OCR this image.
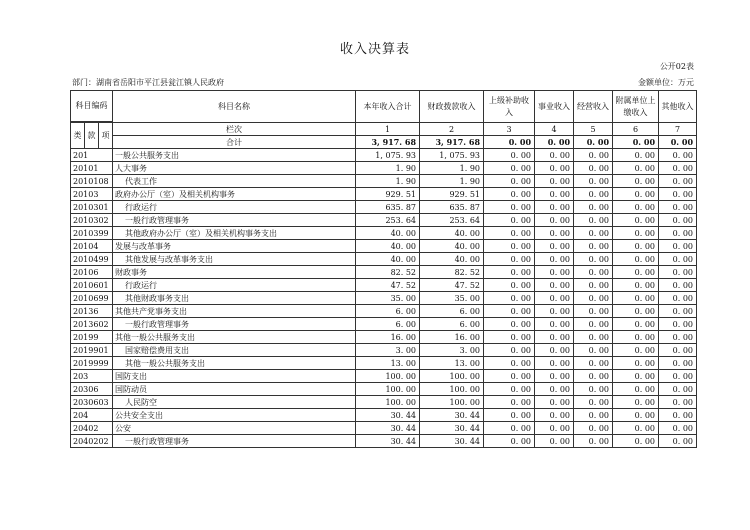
收入决算表
公开02表
部门：湖南省岳阳市平江县瓮江镇人民政府	金额单位：万元
科目编码			科目名称	本年收入合计	财政拨款收入	上级补助收入	事业收入	经营收入	附属单位上缴收入	其他收入

类	款	项	栏次	1	2	3	4	5	6	7
			合计	3, 917. 68	3, 917. 68	0. 00	0. 00	0. 00	0. 00	0. 00
201			一般公共服务支出	1, 075. 93	1, 075. 93	0. 00	0. 00	0. 00	0. 00	0. 00
20101			人大事务	1. 90	1. 90	0. 00	0. 00	0. 00	0. 00	0. 00
2010108			代表工作	1. 90	1. 90	0. 00	0. 00	0. 00	0. 00	0. 00
20103			政府办公厅（室）及相关机构事务	929. 51	929. 51	0. 00	0. 00	0. 00	0. 00	0. 00
2010301			行政运行	635. 87	635. 87	0. 00	0. 00	0. 00	0. 00	0. 00
2010302			一般行政管理事务	253. 64	253. 64	0. 00	0. 00	0. 00	0. 00	0. 00
2010399			其他政府办公厅（室）及相关机构事务支出	40. 00	40. 00	0. 00	0. 00	0. 00	0. 00	0. 00
20104			发展与改革事务	40. 00	40. 00	0. 00	0. 00	0. 00	0. 00	0. 00
2010499			其他发展与改革事务支出	40. 00	40. 00	0. 00	0. 00	0. 00	0. 00	0. 00
20106			财政事务	82. 52	82. 52	0. 00	0. 00	0. 00	0. 00	0. 00
2010601			行政运行	47. 52	47. 52	0. 00	0. 00	0. 00	0. 00	0. 00
2010699			其他财政事务支出	35. 00	35. 00	0. 00	0. 00	0. 00	0. 00	0. 00
20136			其他共产党事务支出	6. 00	6. 00	0. 00	0. 00	0. 00	0. 00	0. 00
2013602			一般行政管理事务	6. 00	6. 00	0. 00	0. 00	0. 00	0. 00	0. 00
20199			其他一般公共服务支出	16. 00	16. 00	0. 00	0. 00	0. 00	0. 00	0. 00
2019901			国家赔偿费用支出	3. 00	3. 00	0. 00	0. 00	0. 00	0. 00	0. 00
2019999			其他一般公共服务支出	13. 00	13. 00	0. 00	0. 00	0. 00	0. 00	0. 00
203			国防支出	100. 00	100. 00	0. 00	0. 00	0. 00	0. 00	0. 00
20306			国防动员	100. 00	100. 00	0. 00	0. 00	0. 00	0. 00	0. 00
2030603			人民防空	100. 00	100. 00	0. 00	0. 00	0. 00	0. 00	0. 00
204			公共安全支出	30. 44	30. 44	0. 00	0. 00	0. 00	0. 00	0. 00
20402			公安	30. 44	30. 44	0. 00	0. 00	0. 00	0. 00	0. 00
2040202			一般行政管理事务	30. 44	30. 44	0. 00	0. 00	0. 00	0. 00	0. 00
